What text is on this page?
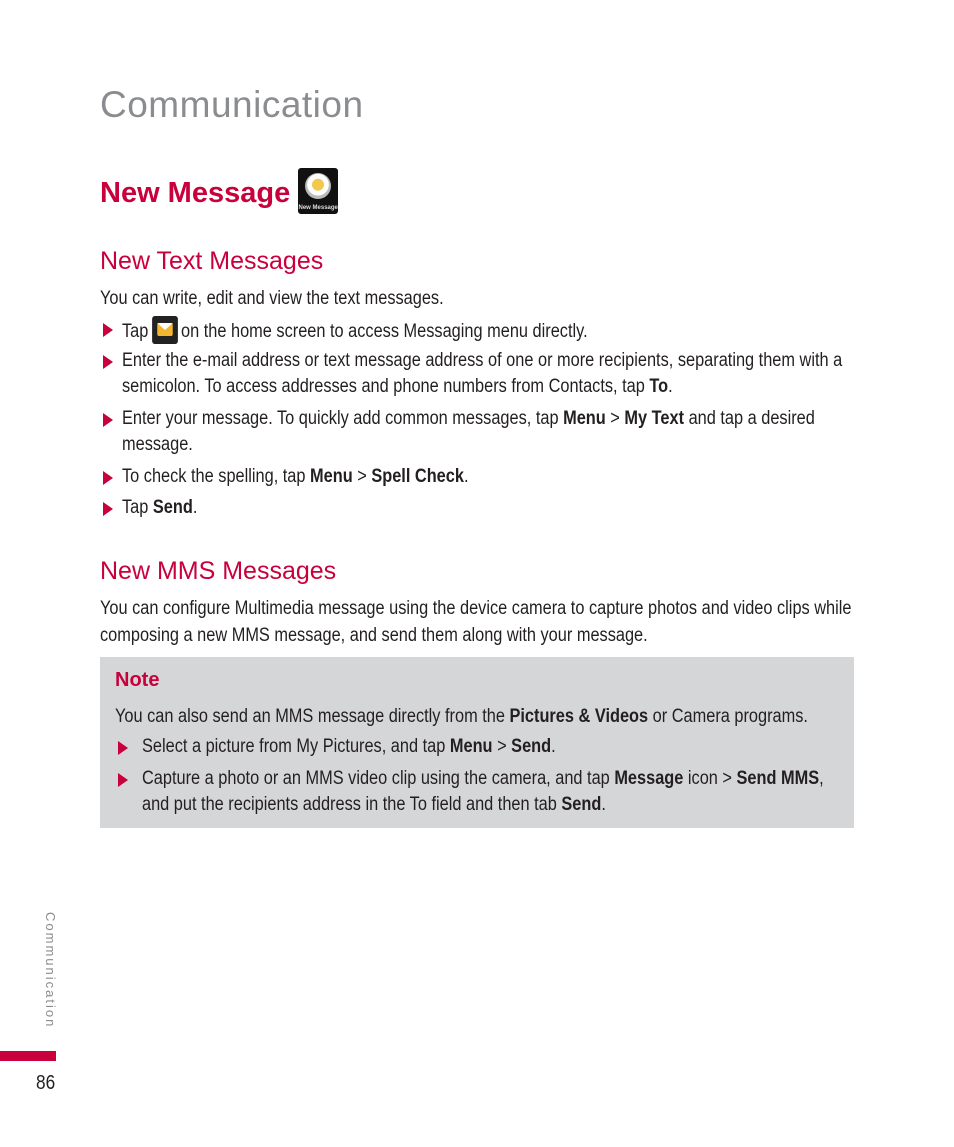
Communication
New Message New Message
New Text Messages
You can write, edit and view the text messages.
Tap on the home screen to access Messaging menu directly.
Enter the e-mail address or text message address of one or more recipients, separating them with a
semicolon. To access addresses and phone numbers from Contacts, tap To.
Enter your message. To quickly add common messages, tap Menu > My Text and tap a desired
message.
To check the spelling, tap Menu > Spell Check.
Tap Send.
New MMS Messages
You can configure Multimedia message using the device camera to capture photos and video clips while
composing a new MMS message, and send them along with your message.
Note
You can also send an MMS message directly from the Pictures & Videos or Camera programs.
Select a picture from My Pictures, and tap Menu > Send.
Capture a photo or an MMS video clip using the camera, and tap Message icon > Send MMS,
and put the recipients address in the To field and then tab Send.
Communication
86
